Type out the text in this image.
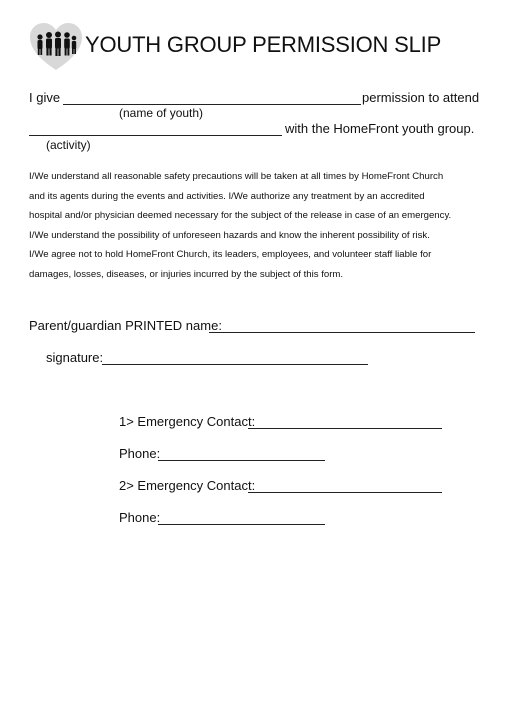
YOUTH GROUP PERMISSION SLIP
I give	permission to attend
(name of youth)
with the HomeFront youth group.
(activity)
I/We understand all reasonable safety precautions will be taken at all times by HomeFront Church
and its agents during the events and activities. I/We authorize any treatment by an accredited
hospital and/or physician deemed necessary for the subject of the release in case of an emergency.
I/We understand the possibility of unforeseen hazards and know the inherent possibility of risk.
I/We agree not to hold HomeFront Church, its leaders, employees, and volunteer staff liable for
damages, losses, diseases, or injuries incurred by the subject of this form.
Parent/guardian PRINTED name:
signature:
1> Emergency Contact:
Phone:
2> Emergency Contact:
Phone:
